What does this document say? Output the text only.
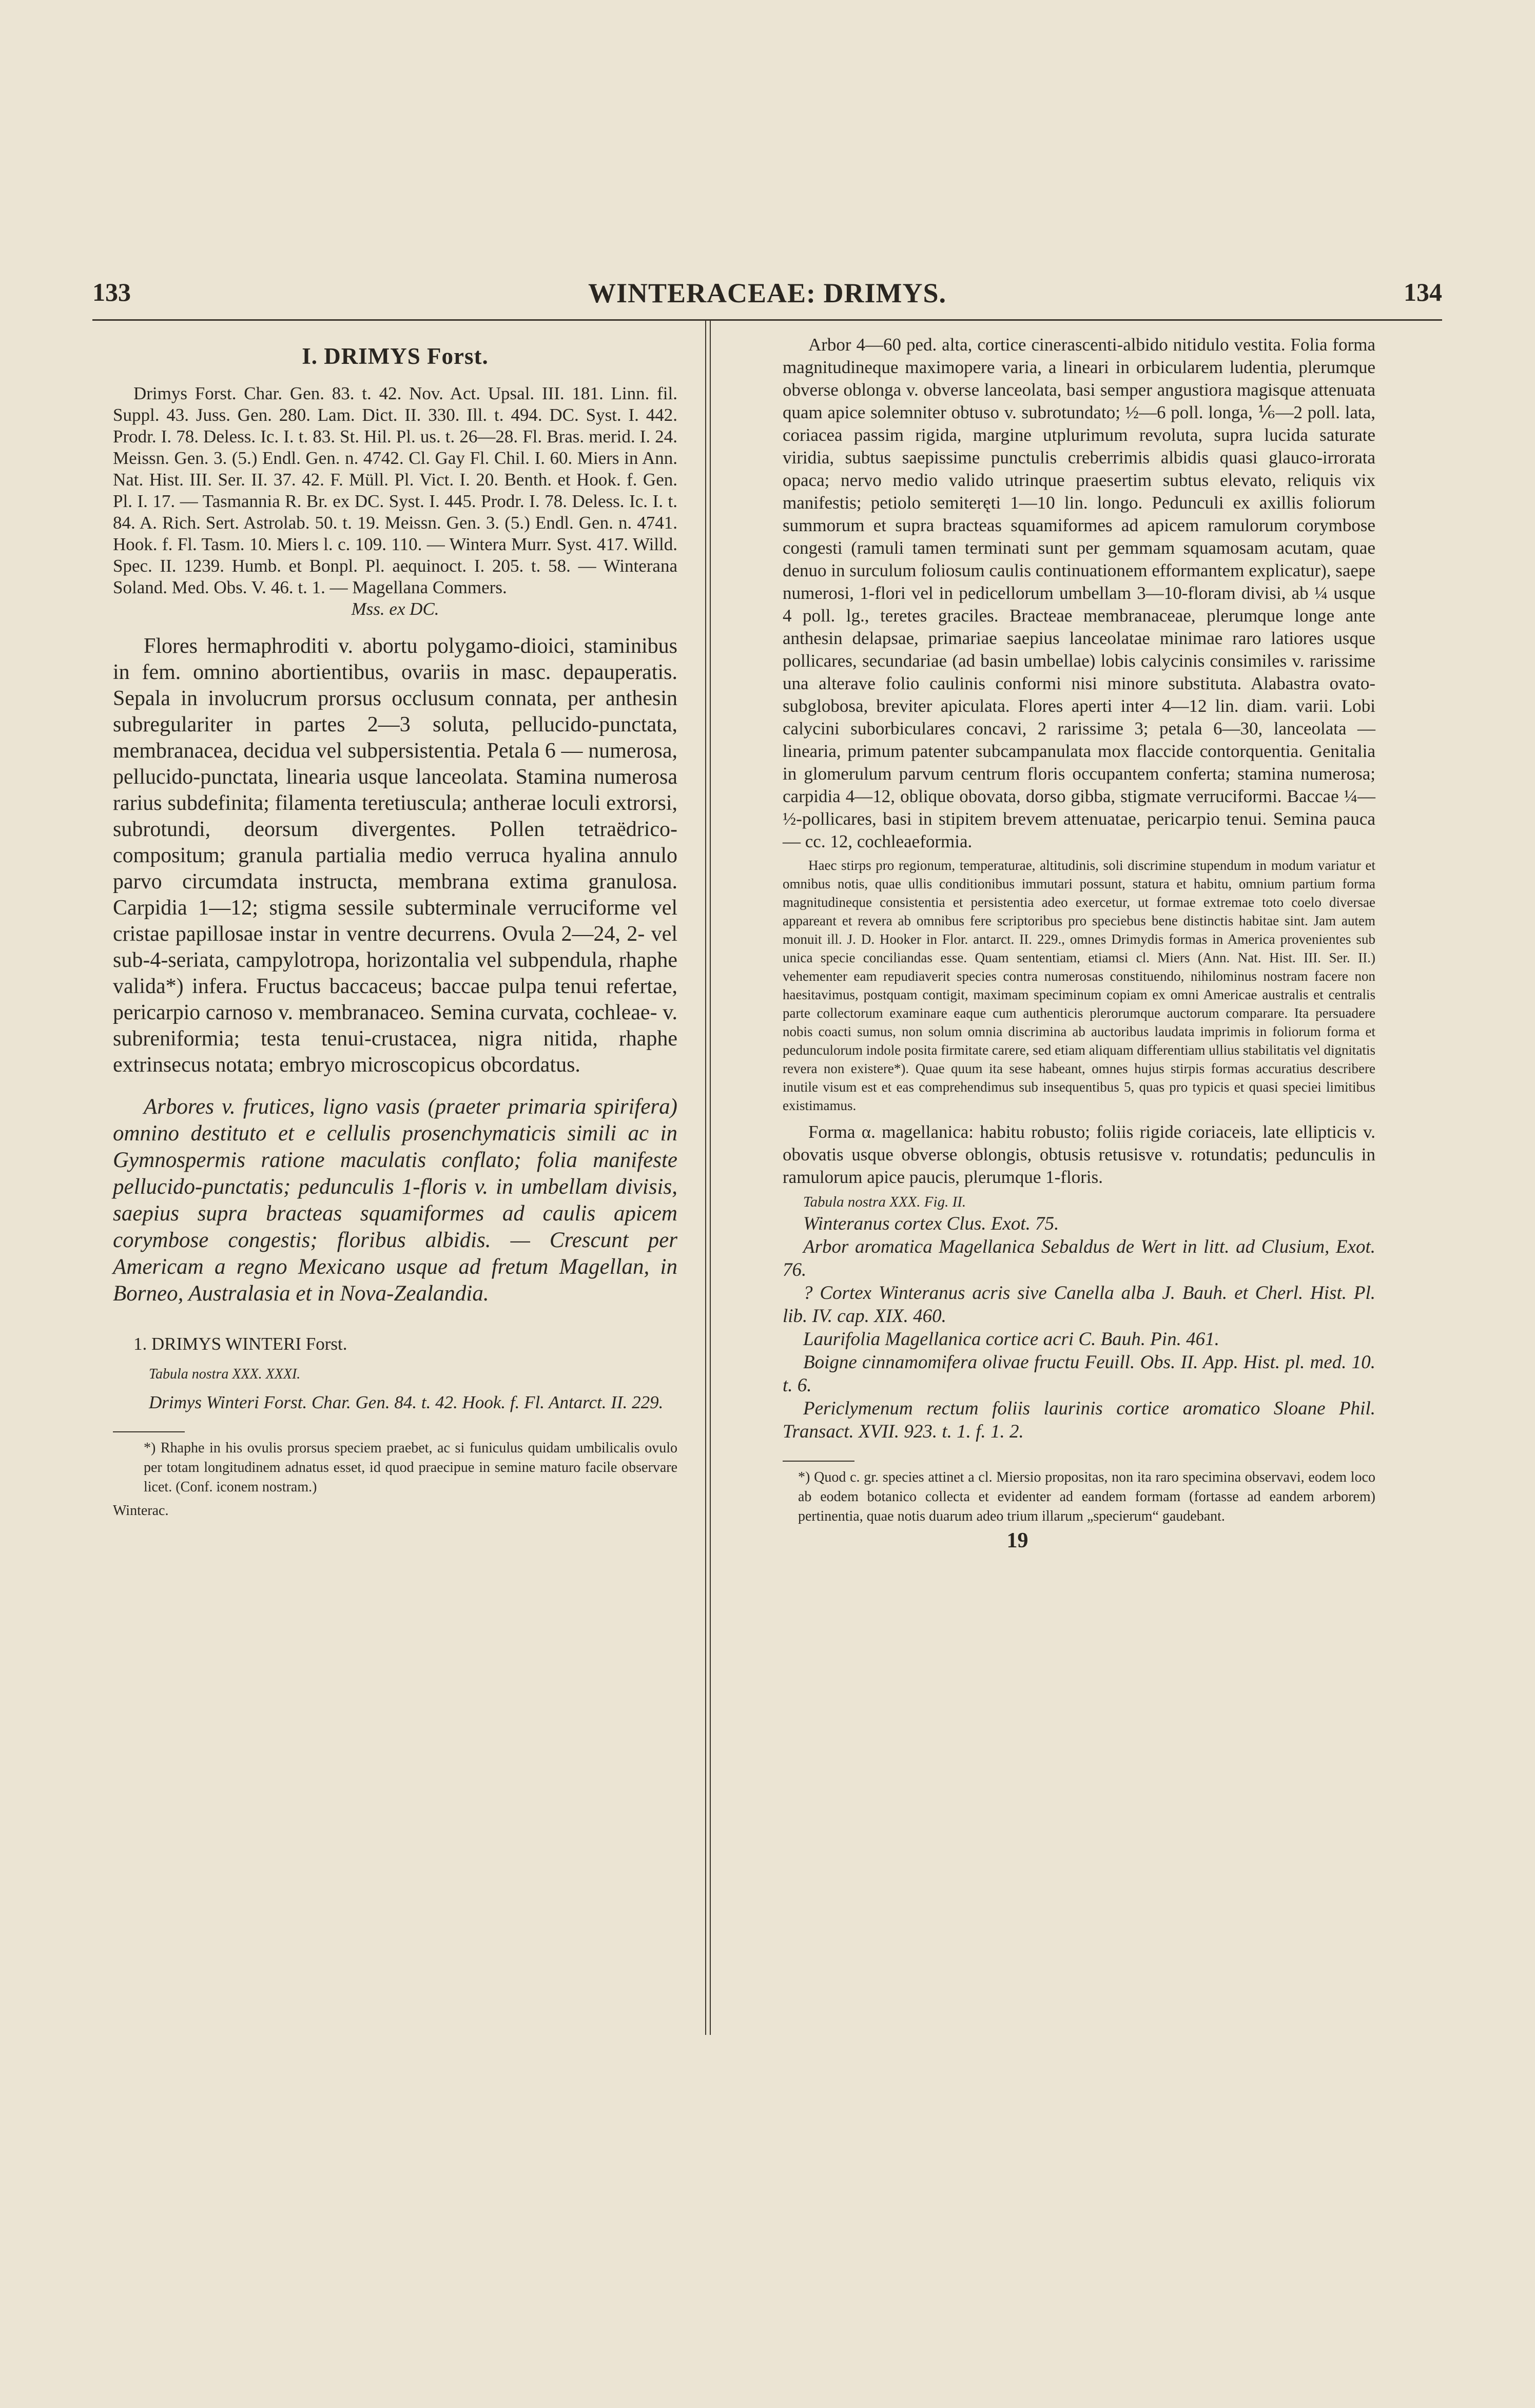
133	WINTERACEAE: DRIMYS.	134
I. DRIMYS Forst.

Drimys Forst. Char. Gen. 83. t. 42. Nov. Act. Upsal. III. 181. Linn. fil. Suppl. 43. Juss. Gen. 280. Lam. Dict. II. 330. Ill. t. 494. DC. Syst. I. 442. Prodr. I. 78. Deless. Ic. I. t. 83. St. Hil. Pl. us. t. 26—28. Fl. Bras. merid. I. 24. Meissn. Gen. 3. (5.) Endl. Gen. n. 4742. Cl. Gay Fl. Chil. I. 60. Miers in Ann. Nat. Hist. III. Ser. II. 37. 42. F. Müll. Pl. Vict. I. 20. Benth. et Hook. f. Gen. Pl. I. 17. — Tasmannia R. Br. ex DC. Syst. I. 445. Prodr. I. 78. Deless. Ic. I. t. 84. A. Rich. Sert. Astrolab. 50. t. 19. Meissn. Gen. 3. (5.) Endl. Gen. n. 4741. Hook. f. Fl. Tasm. 10. Miers l. c. 109. 110. — Wintera Murr. Syst. 417. Willd. Spec. II. 1239. Humb. et Bonpl. Pl. aequinoct. I. 205. t. 58. — Winterana Soland. Med. Obs. V. 46. t. 1. — Magellana Commers.

Mss. ex DC.

Flores hermaphroditi v. abortu polygamo-dioici, staminibus in fem. omnino abortientibus, ovariis in masc. depauperatis. Sepala in involucrum prorsus occlusum connata, per anthesin subregulariter in partes 2—3 soluta, pellucido-punctata, membranacea, decidua vel subpersistentia. Petala 6 — numerosa, pellucido-punctata, linearia usque lanceolata. Stamina numerosa rarius subdefinita; filamenta teretiuscula; antherae loculi extrorsi, subrotundi, deorsum divergentes. Pollen tetraëdrico-compositum; granula partialia medio verruca hyalina annulo parvo circumdata instructa, membrana extima granulosa. Carpidia 1—12; stigma sessile subterminale verruciforme vel cristae papillosae instar in ventre decurrens. Ovula 2—24, 2- vel sub-4-seriata, campylotropa, horizontalia vel subpendula, rhaphe valida*) infera. Fructus baccaceus; baccae pulpa tenui refertae, pericarpio carnoso v. membranaceo. Semina curvata, cochleae- v. subreniformia; testa tenui-crustacea, nigra nitida, rhaphe extrinsecus notata; embryo microscopicus obcordatus.

Arbores v. frutices, ligno vasis (praeter primaria spirifera) omnino destituto et e cellulis prosenchymaticis simili ac in Gymnospermis ratione maculatis conflato; folia manifeste pellucido-punctatis; pedunculis 1-floris v. in umbellam divisis, saepius supra bracteas squamiformes ad caulis apicem corymbose congestis; floribus albidis. — Crescunt per Americam a regno Mexicano usque ad fretum Magellan, in Borneo, Australasia et in Nova-Zealandia.

1. DRIMYS WINTERI Forst.
Tabula nostra XXX. XXXI.

Drimys Winteri Forst. Char. Gen. 84. t. 42. Hook. f. Fl. Antarct. II. 229.

*) Rhaphe in his ovulis prorsus speciem praebet, ac si funiculus quidam umbilicalis ovulo per totam longitudinem adnatus esset, id quod praecipue in semine maturo facile observare licet. (Conf. iconem nostram.)

Winterac.

Arbor 4—60 ped. alta, cortice cinerascenti-albido nitidulo vestita. Folia forma magnitudineque maximopere varia, a lineari in orbicularem ludentia, plerumque obverse oblonga v. obverse lanceolata, basi semper angustiora magisque attenuata quam apice solemniter obtuso v. subrotundato; ½—6 poll. longa, ⅙—2 poll. lata, coriacea passim rigida, margine utplurimum revoluta, supra lucida saturate viridia, subtus saepissime punctulis creberrimis albidis quasi glauco-irrorata opaca; nervo medio valido utrinque praesertim subtus elevato, reliquis vix manifestis; petiolo semiteręti 1—10 lin. longo. Pedunculi ex axillis foliorum summorum et supra bracteas squamiformes ad apicem ramulorum corymbose congesti (ramuli tamen terminati sunt per gemmam squamosam acutam, quae denuo in surculum foliosum caulis continuationem efformantem explicatur), saepe numerosi, 1-flori vel in pedicellorum umbellam 3—10-floram divisi, ab ¼ usque 4 poll. lg., teretes graciles. Bracteae membranaceae, plerumque longe ante anthesin delapsae, primariae saepius lanceolatae minimae raro latiores usque pollicares, secundariae (ad basin umbellae) lobis calycinis consimiles v. rarissime una alterave folio caulinis conformi nisi minore substituta. Alabastra ovato-subglobosa, breviter apiculata. Flores aperti inter 4—12 lin. diam. varii. Lobi calycini suborbiculares concavi, 2 rarissime 3; petala 6—30, lanceolata — linearia, primum patenter subcampanulata mox flaccide contorquentia. Genitalia in glomerulum parvum centrum floris occupantem conferta; stamina numerosa; carpidia 4—12, oblique obovata, dorso gibba, stigmate verruciformi. Baccae ¼—½-pollicares, basi in stipitem brevem attenuatae, pericarpio tenui. Semina pauca — cc. 12, cochleaeformia.

Haec stirps pro regionum, temperaturae, altitudinis, soli discrimine stupendum in modum variatur et omnibus notis, quae ullis conditionibus immutari possunt, statura et habitu, omnium partium forma magnitudineque consistentia et persistentia adeo exercetur, ut formae extremae toto coelo diversae appareant et revera ab omnibus fere scriptoribus pro speciebus bene distinctis habitae sint. Jam autem monuit ill. J. D. Hooker in Flor. antarct. II. 229., omnes Drimydis formas in America provenientes sub unica specie conciliandas esse. Quam sententiam, etiamsi cl. Miers (Ann. Nat. Hist. III. Ser. II.) vehementer eam repudiaverit species contra numerosas constituendo, nihilominus nostram facere non haesitavimus, postquam contigit, maximam speciminum copiam ex omni Americae australis et centralis parte collectorum examinare eaque cum authenticis plerorumque auctorum comparare. Ita persuadere nobis coacti sumus, non solum omnia discrimina ab auctoribus laudata imprimis in foliorum forma et pedunculorum indole posita firmitate carere, sed etiam aliquam differentiam ullius stabilitatis vel dignitatis revera non existere*). Quae quum ita sese habeant, omnes hujus stirpis formas accuratius describere inutile visum est et eas comprehendimus sub insequentibus 5, quas pro typicis et quasi speciei limitibus existimamus.

Forma α. magellanica: habitu robusto; foliis rigide coriaceis, late ellipticis v. obovatis usque obverse oblongis, obtusis retusisve v. rotundatis; pedunculis in ramulorum apice paucis, plerumque 1-floris.

Tabula nostra XXX. Fig. II.

Winteranus cortex Clus. Exot. 75.

Arbor aromatica Magellanica Sebaldus de Wert in litt. ad Clusium, Exot. 76.

? Cortex Winteranus acris sive Canella alba J. Bauh. et Cherl. Hist. Pl. lib. IV. cap. XIX. 460.

Laurifolia Magellanica cortice acri C. Bauh. Pin. 461.

Boigne cinnamomifera olivae fructu Feuill. Obs. II. App. Hist. pl. med. 10. t. 6.

Periclymenum rectum foliis laurinis cortice aromatico Sloane Phil. Transact. XVII. 923. t. 1. f. 1. 2.

*) Quod c. gr. species attinet a cl. Miersio propositas, non ita raro specimina observavi, eodem loco ab eodem botanico collecta et evidenter ad eandem formam (fortasse ad eandem arborem) pertinentia, quae notis duarum adeo trium illarum „specierum“ gaudebant.

19
